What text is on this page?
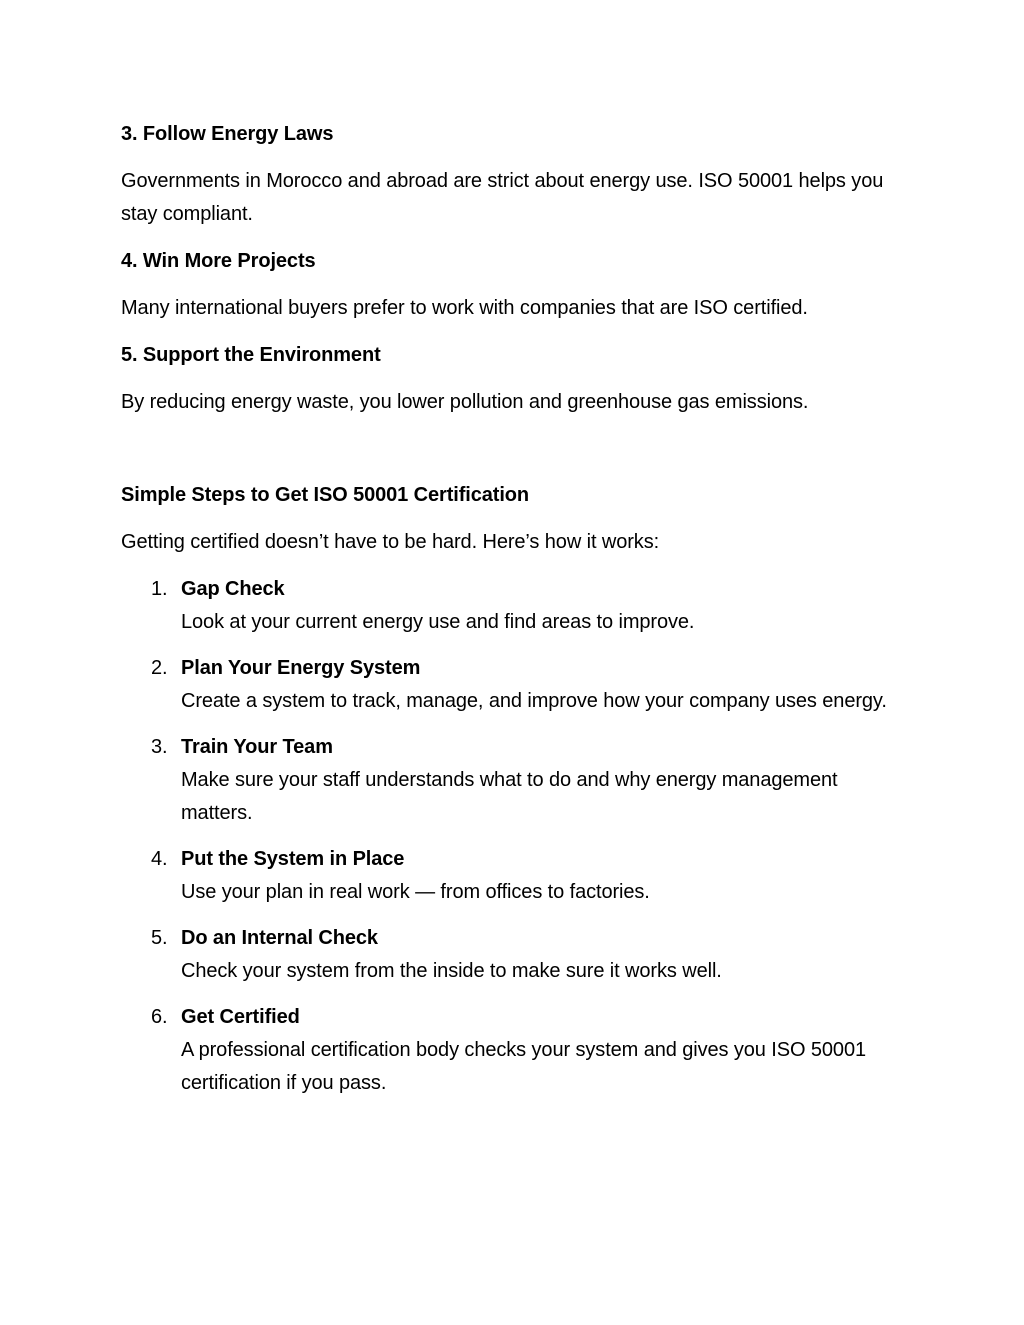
3. Follow Energy Laws
Governments in Morocco and abroad are strict about energy use. ISO 50001 helps you stay compliant.
4. Win More Projects
Many international buyers prefer to work with companies that are ISO certified.
5. Support the Environment
By reducing energy waste, you lower pollution and greenhouse gas emissions.
Simple Steps to Get ISO 50001 Certification
Getting certified doesn’t have to be hard. Here’s how it works:
1. Gap Check
Look at your current energy use and find areas to improve.
2. Plan Your Energy System
Create a system to track, manage, and improve how your company uses energy.
3. Train Your Team
Make sure your staff understands what to do and why energy management matters.
4. Put the System in Place
Use your plan in real work — from offices to factories.
5. Do an Internal Check
Check your system from the inside to make sure it works well.
6. Get Certified
A professional certification body checks your system and gives you ISO 50001 certification if you pass.
